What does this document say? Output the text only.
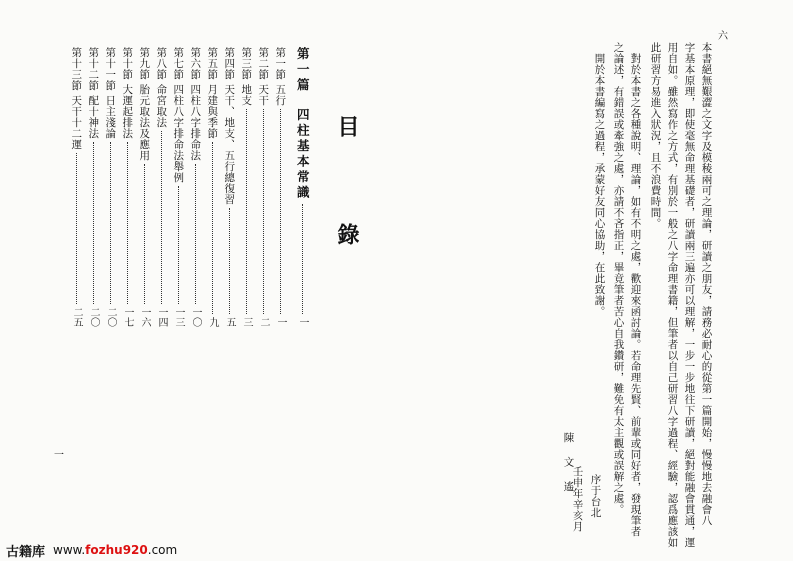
六
本書絕無艱澀之文字及模稜兩可之理論，研讀之朋友，請務必耐心的從第一篇開始，慢慢地去融會八
字基本原理，即使毫無命理基礎者，研讀兩三遍亦可以理解，一步一步地往下研讀，絕對能融會貫通，運
用自如。雖然寫作之方式，有別於一般之八字命理書籍，但筆者以自己研習八字過程、經驗，認爲應該如
此研習方易進入狀況，且不浪費時間。
對於本書之各種說明、理論，如有不明之處，歡迎來函討論。若命理先賢、前輩或同好者，發現筆者
之論述，有錯誤或牽強之處，亦請不吝指正，畢竟筆者苦心自我鑽研，難免有太主觀或誤解之處。
開於本書編寫之過程，承蒙好友同心協助，在此致謝。
陳 文 遙
序于台北
壬申年辛亥月
目　錄
第一篇
四柱基本常識
一
第一節
五行
一
第二節
天干
二
第三節
地支
三
第四節
天干、地支、五行總復習
五
第五節
月建與季節
九
第六節
四柱八字排命法
一〇
第七節
四柱八字排命法舉例
一三
第八節
命宮取法
一四
第九節
胎元取法及應用
一六
第十節
大運起排法
一七
第十一節
日主淺論
二〇
第十二節
配十神法
二〇
第十三節
天干十二運
二五
一
古籍库 www.fozhu920.com
